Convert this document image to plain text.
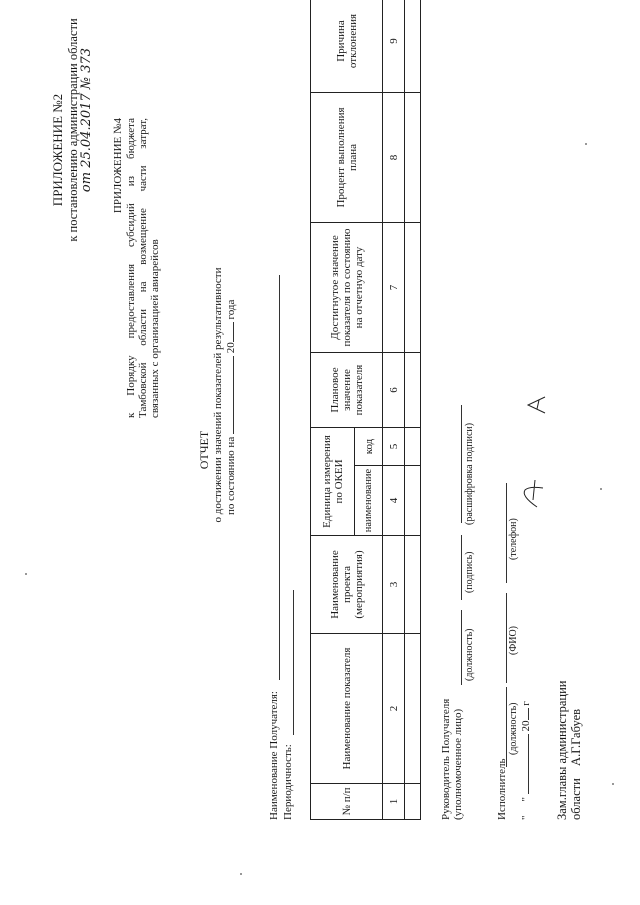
ПРИЛОЖЕНИЕ №2 к постановлению администрации области от 25.04.2017 № 373 ПРИЛОЖЕНИЕ №4 к Порядку предоставления субсидий из бюджета Тамбовской области на возмещение части затрат, связанных с организацией авиарейсов
ОТЧЕТ о достижении значений показателей результативности по состоянию на  20 года
Наименование Получателя: Периодичность:	№ п/п	Наименование показателя	Наименование проекта (мероприятия)	Единица измерения по ОКЕИ		Плановое значение показателя	Достигнутое значение показателя по состоянию на отчетную дату	Процент выполнения плана	Причина отклонения
			наименование	код				
1	2	3	4	5	6	7	8	9

Руководитель Получателя (уполномоченное лицо)
(должность)
(подпись)
(расшифровка подписи)
Исполнитель
(должность)
(ФИО)
(телефон)
""  20 г Зам.главы администрации области  А.Г.Габуев
